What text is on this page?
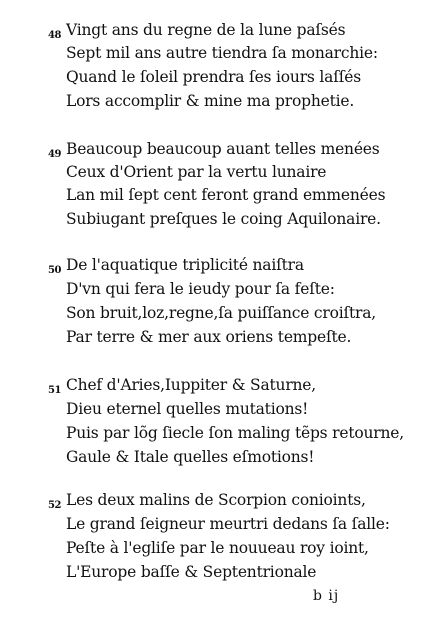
48 Vingt ans du regne de la lune paſsés
Sept mil ans autre tiendra ſa monarchie:
Quand le ſoleil prendra ſes iours laſſés
Lors accomplir & mine ma prophetie.
49 Beaucoup beaucoup auant telles menées
Ceux d'Orient par la vertu lunaire
Lan mil ſept cent feront grand emmenées
Subiugant preſques le coing Aquilonaire.
50 De l'aquatique triplicité naiſtra
D'vn qui fera le ieudy pour ſa feſte:
Son bruit,loz,regne,ſa puiſſance croiſtra,
Par terre & mer aux oriens tempeſte.
51 Chef d'Aries,Iuppiter & Saturne,
Dieu eternel quelles mutations!
Puis par lõg ſiecle ſon maling tẽps retourne,
Gaule & Itale quelles eſmotions!
52 Les deux malins de Scorpion conioints,
Le grand ſeigneur meurtri dedans ſa ſalle:
Peſte à l'egliſe par le nouueau roy ioint,
L'Europe baſſe & Septentrionale
b ij
